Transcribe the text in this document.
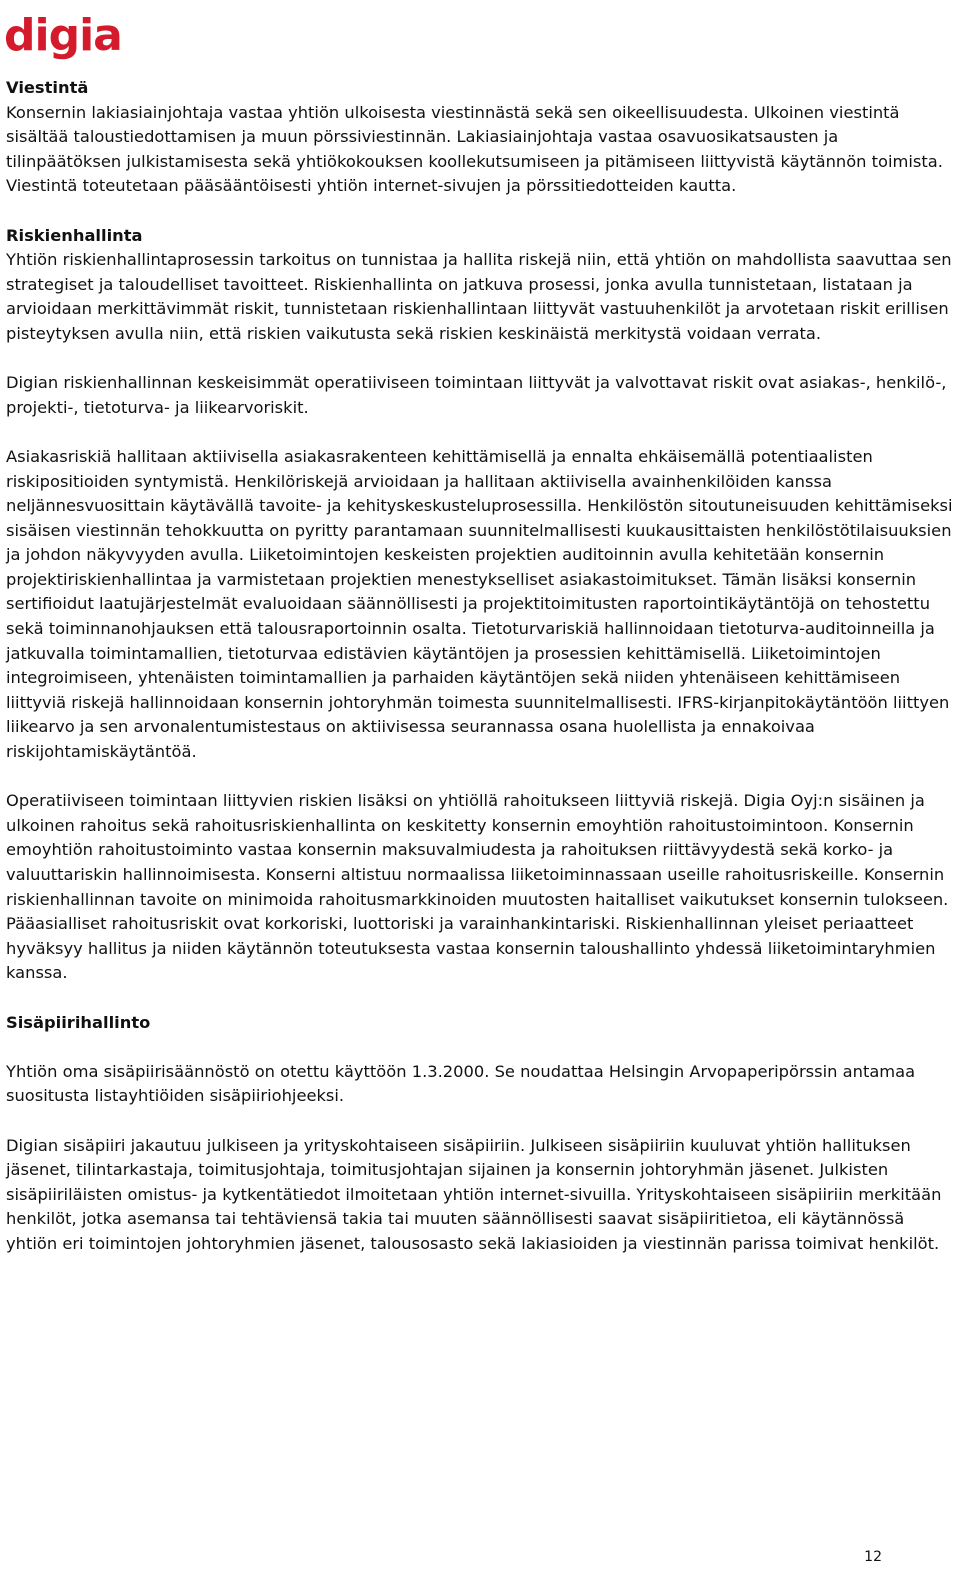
digia
Viestintä

Konsernin lakiasiainjohtaja vastaa yhtiön ulkoisesta viestinnästä sekä sen oikeellisuudesta. Ulkoinen viestintä sisältää taloustiedottamisen ja muun pörssiviestinnän. Lakiasiainjohtaja vastaa osavuosikatsausten ja tilinpäätöksen julkistamisesta sekä yhtiökokouksen koollekutsumiseen ja pitämiseen liittyvistä käytännön toimista. Viestintä toteutetaan pääsääntöisesti yhtiön internet-sivujen ja pörssitiedotteiden kautta.

Riskienhallinta

Yhtiön riskienhallintaprosessin tarkoitus on tunnistaa ja hallita riskejä niin, että yhtiön on mahdollista saavuttaa sen strategiset ja taloudelliset tavoitteet. Riskienhallinta on jatkuva prosessi, jonka avulla tunnistetaan, listataan ja arvioidaan merkittävimmät riskit, tunnistetaan riskienhallintaan liittyvät vastuuhenkilöt ja arvotetaan riskit erillisen pisteytyksen avulla niin, että riskien vaikutusta sekä riskien keskinäistä merkitystä voidaan verrata.

Digian riskienhallinnan keskeisimmät operatiiviseen toimintaan liittyvät ja valvottavat riskit ovat asiakas-, henkilö-, projekti-, tietoturva- ja liikearvoriskit.

Asiakasriskiä hallitaan aktiivisella asiakasrakenteen kehittämisellä ja ennalta ehkäisemällä potentiaalisten riskipositioiden syntymistä. Henkilöriskejä arvioidaan ja hallitaan aktiivisella avainhenkilöiden kanssa neljännesvuosittain käytävällä tavoite- ja kehityskeskusteluprosessilla. Henkilöstön sitoutuneisuuden kehittämiseksi sisäisen viestinnän tehokkuutta on pyritty parantamaan suunnitelmallisesti kuukausittaisten henkilöstötilaisuuksien ja johdon näkyvyyden avulla. Liiketoimintojen keskeisten projektien auditoinnin avulla kehitetään konsernin projektiriskienhallintaa ja varmistetaan projektien menestykselliset asiakastoimitukset. Tämän lisäksi konsernin sertifioidut laatujärjestelmät evaluoidaan säännöllisesti ja projektitoimitusten raportointikäytäntöjä on tehostettu sekä toiminnanohjauksen että talousraportoinnin osalta. Tietoturvariskiä hallinnoidaan tietoturva-auditoinneilla ja jatkuvalla toimintamallien, tietoturvaa edistävien käytäntöjen ja prosessien kehittämisellä. Liiketoimintojen integroimiseen, yhtenäisten toimintamallien ja parhaiden käytäntöjen sekä niiden yhtenäiseen kehittämiseen liittyviä riskejä hallinnoidaan konsernin johtoryhmän toimesta suunnitelmallisesti. IFRS-kirjanpitokäytäntöön liittyen liikearvo ja sen arvonalentumistestaus on aktiivisessa seurannassa osana huolellista ja ennakoivaa riskijohtamiskäytäntöä.

Operatiiviseen toimintaan liittyvien riskien lisäksi on yhtiöllä rahoitukseen liittyviä riskejä. Digia Oyj:n sisäinen ja ulkoinen rahoitus sekä rahoitusriskienhallinta on keskitetty konsernin emoyhtiön rahoitustoimintoon. Konsernin emoyhtiön rahoitustoiminto vastaa konsernin maksuvalmiudesta ja rahoituksen riittävyydestä sekä korko- ja valuuttariskin hallinnoimisesta. Konserni altistuu normaalissa liiketoiminnassaan useille rahoitusriskeille. Konsernin riskienhallinnan tavoite on minimoida rahoitusmarkkinoiden muutosten haitalliset vaikutukset konsernin tulokseen. Pääasialliset rahoitusriskit ovat korkoriski, luottoriski ja varainhankintariski. Riskienhallinnan yleiset periaatteet hyväksyy hallitus ja niiden käytännön toteutuksesta vastaa konsernin taloushallinto yhdessä liiketoimintaryhmien kanssa.

Sisäpiirihallinto

Yhtiön oma sisäpiirisäännöstö on otettu käyttöön 1.3.2000. Se noudattaa Helsingin Arvopaperipörssin antamaa suositusta listayhtiöiden sisäpiiriohjeeksi.

Digian sisäpiiri jakautuu julkiseen ja yrityskohtaiseen sisäpiiriin. Julkiseen sisäpiiriin kuuluvat yhtiön hallituksen jäsenet, tilintarkastaja, toimitusjohtaja, toimitusjohtajan sijainen ja konsernin johtoryhmän jäsenet. Julkisten sisäpiiriläisten omistus- ja kytkentätiedot ilmoitetaan yhtiön internet-sivuilla. Yrityskohtaiseen sisäpiiriin merkitään henkilöt, jotka asemansa tai tehtäviensä takia tai muuten säännöllisesti saavat sisäpiiritietoa, eli käytännössä yhtiön eri toimintojen johtoryhmien jäsenet, talousosasto sekä lakiasioiden ja viestinnän parissa toimivat henkilöt.

12
